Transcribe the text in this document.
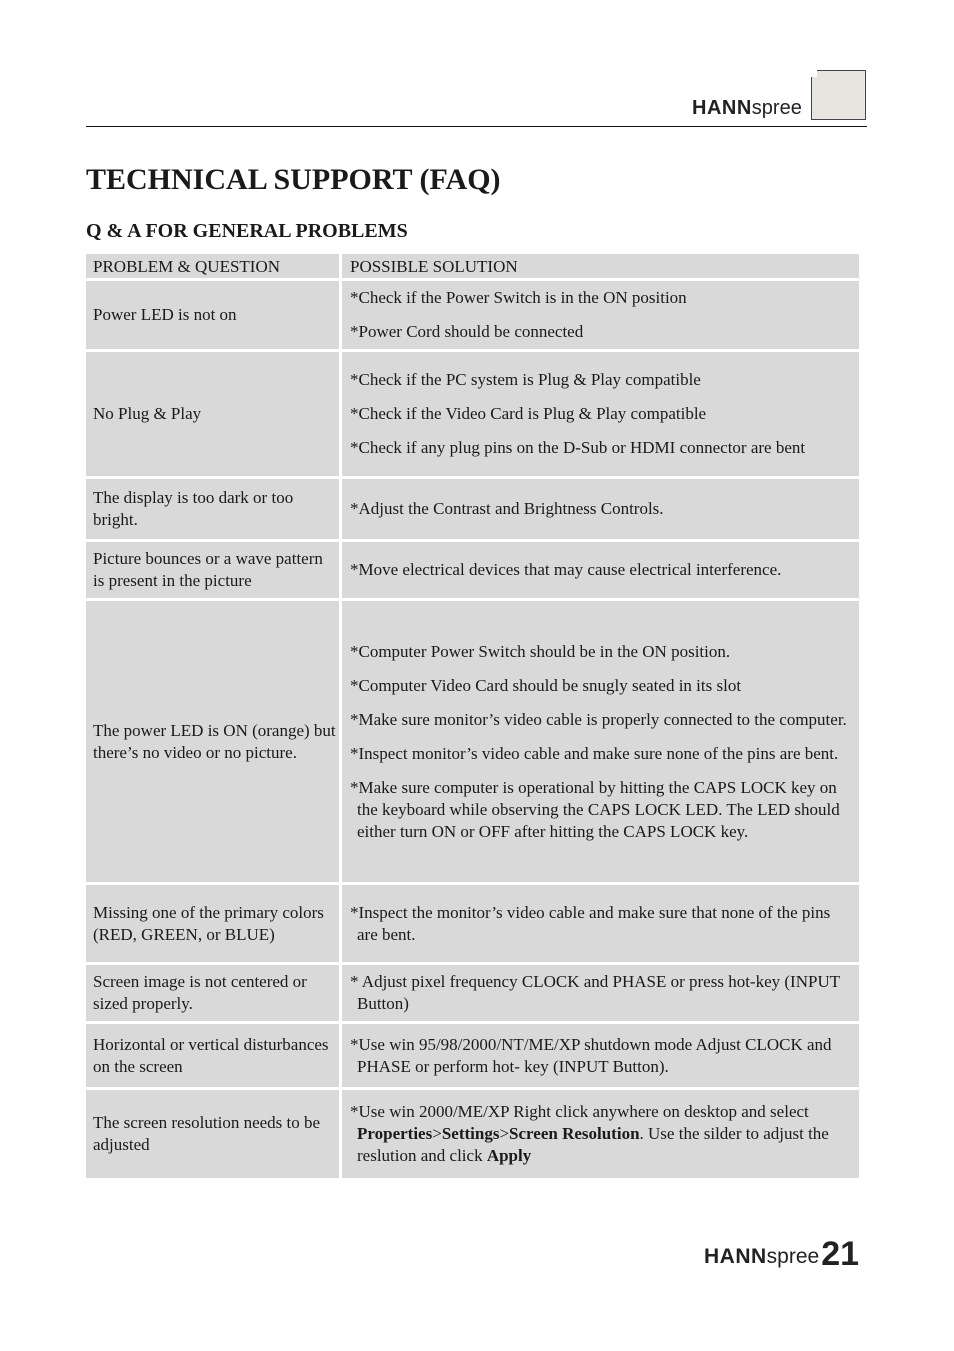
HANNspree
TECHNICAL SUPPORT (FAQ)
Q & A FOR GENERAL PROBLEMS
PROBLEM & QUESTION	POSSIBLE SOLUTION
Power LED is not on	*Check if the Power Switch is in the ON position

*Power Cord should be connected

No Plug & Play	*Check if the PC system is Plug & Play compatible

*Check if the Video Card is Plug & Play compatible

*Check if any plug pins on the D-Sub or HDMI connector are bent

The display is too dark or too bright.	*Adjust the Contrast and Brightness Controls.

Picture bounces or a wave pattern is present in the picture	*Move electrical devices that may cause electrical interference.

The power LED is ON (orange) but there’s no video or no picture.	*Computer Power Switch should be in the ON position.

*Computer Video Card should be snugly seated in its slot

*Make sure monitor’s video cable is properly connected to the computer.

*Inspect monitor’s video cable and make sure none of the pins are bent.

*Make sure computer is operational by hitting the CAPS LOCK key on the keyboard while observing the CAPS LOCK LED. The LED should either turn ON or OFF after hitting the CAPS LOCK key.

Missing one of the primary colors (RED, GREEN, or BLUE)	*Inspect the monitor’s video cable and make sure that none of the pins are bent.

Screen image is not centered or sized properly.	* Adjust pixel frequency CLOCK and PHASE or press hot-key (INPUT Button)

Horizontal or vertical disturbances on the screen	*Use win 95/98/2000/NT/ME/XP shutdown mode Adjust CLOCK and PHASE or perform hot- key (INPUT Button).

The screen resolution needs to be adjusted	*Use win 2000/ME/XP Right click anywhere on desktop and select Properties>Settings>Screen Resolution. Use the silder to adjust the reslution and click Apply

HANNspree21
